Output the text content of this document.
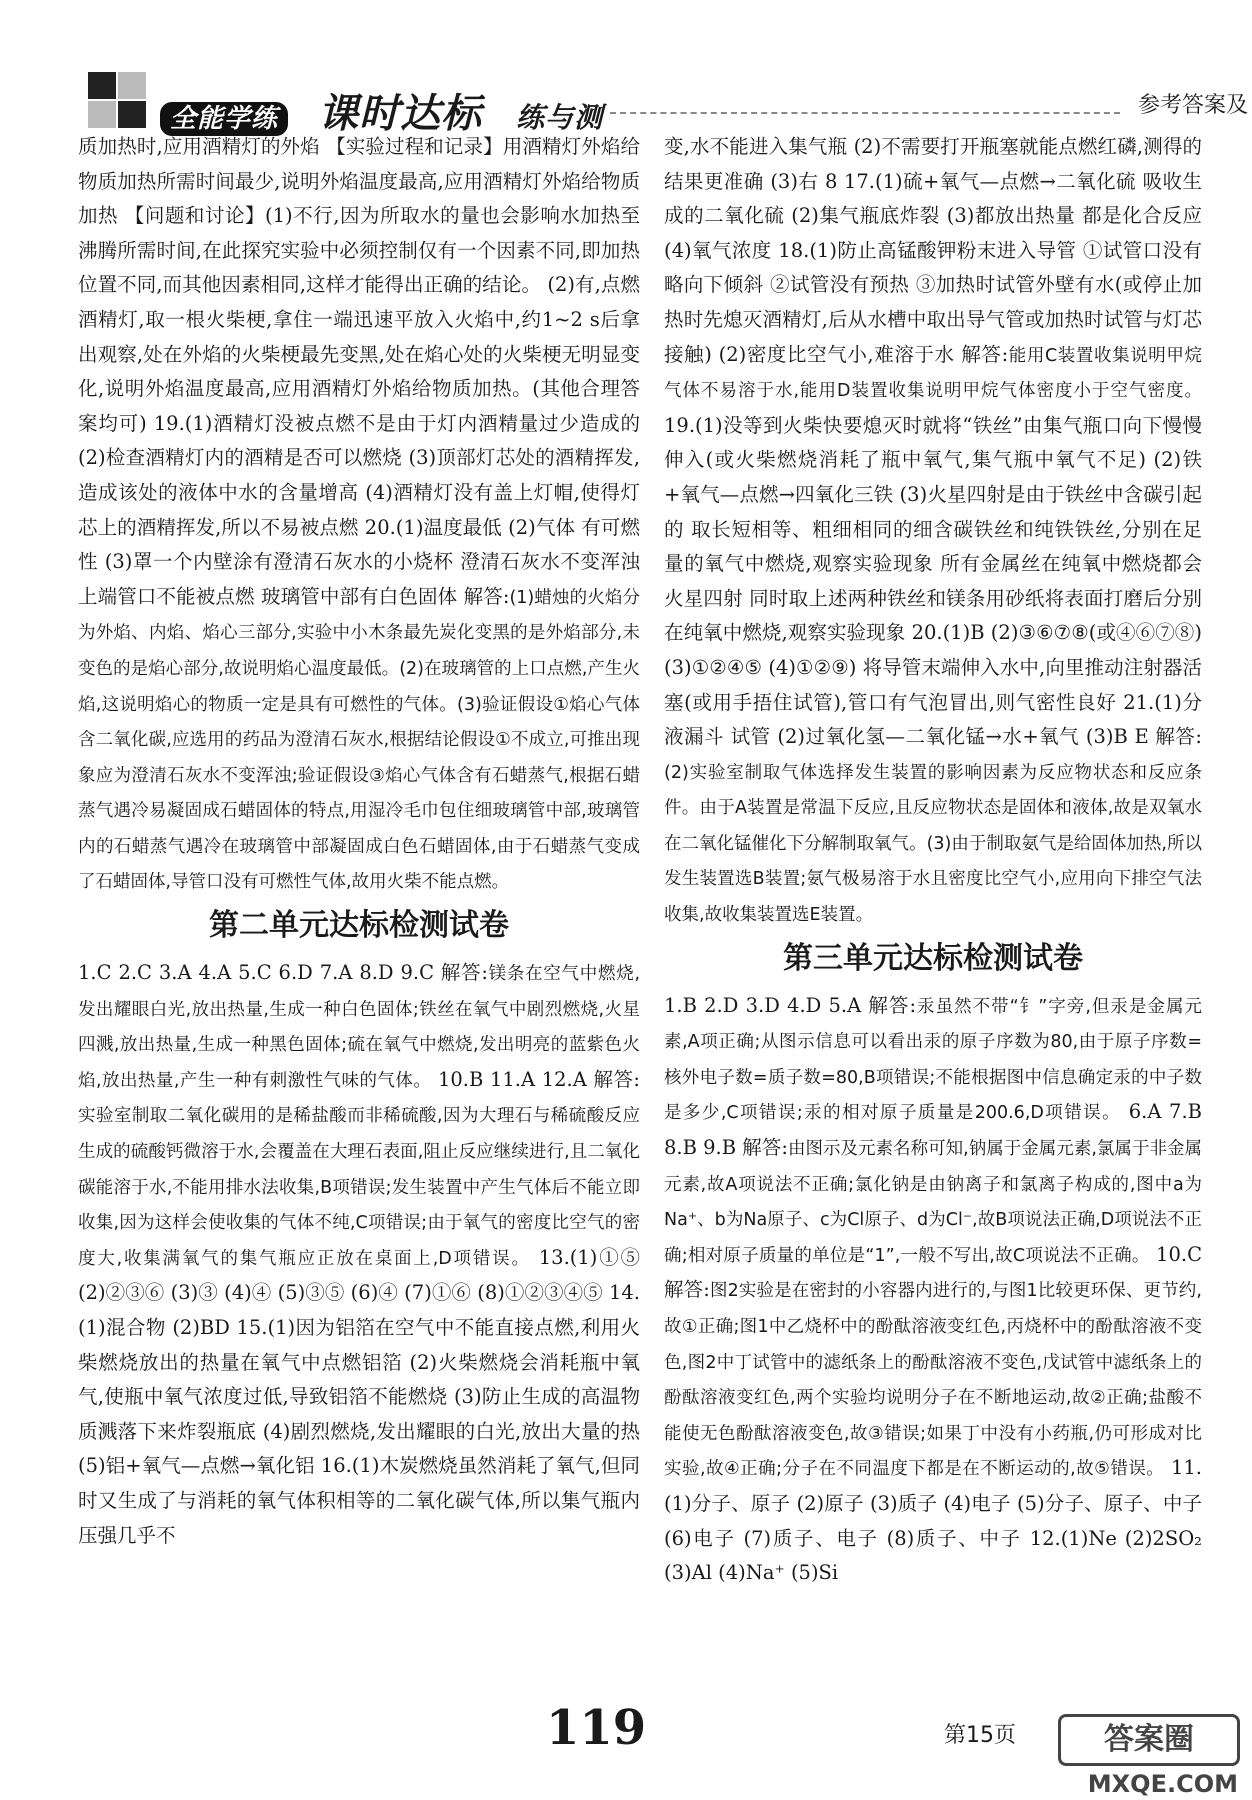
全能学练 课时达标 练与测	参考答案及

质加热时,应用酒精灯的外焰 【实验过程和记录】用酒精灯外焰给物质加热所需时间最少,说明外焰温度最高,应用酒精灯外焰给物质加热 【问题和讨论】(1)不行,因为所取水的量也会影响水加热至沸腾所需时间,在此探究实验中必须控制仅有一个因素不同,即加热位置不同,而其他因素相同,这样才能得出正确的结论。 (2)有,点燃酒精灯,取一根火柴梗,拿住一端迅速平放入火焰中,约1~2 s后拿出观察,处在外焰的火柴梗最先变黑,处在焰心处的火柴梗无明显变化,说明外焰温度最高,应用酒精灯外焰给物质加热。(其他合理答案均可) 19.(1)酒精灯没被点燃不是由于灯内酒精量过少造成的 (2)检查酒精灯内的酒精是否可以燃烧 (3)顶部灯芯处的酒精挥发,造成该处的液体中水的含量增高 (4)酒精灯没有盖上灯帽,使得灯芯上的酒精挥发,所以不易被点燃 20.(1)温度最低 (2)气体 有可燃性 (3)罩一个内壁涂有澄清石灰水的小烧杯 澄清石灰水不变浑浊 上端管口不能被点燃 玻璃管中部有白色固体 解答:(1)蜡烛的火焰分为外焰、内焰、焰心三部分,实验中小木条最先炭化变黑的是外焰部分,未变色的是焰心部分,故说明焰心温度最低。(2)在玻璃管的上口点燃,产生火焰,这说明焰心的物质一定是具有可燃性的气体。(3)验证假设①焰心气体含二氧化碳,应选用的药品为澄清石灰水,根据结论假设①不成立,可推出现象应为澄清石灰水不变浑浊;验证假设③焰心气体含有石蜡蒸气,根据石蜡蒸气遇冷易凝固成石蜡固体的特点,用湿冷毛巾包住细玻璃管中部,玻璃管内的石蜡蒸气遇冷在玻璃管中部凝固成白色石蜡固体,由于石蜡蒸气变成了石蜡固体,导管口没有可燃性气体,故用火柴不能点燃。

第二单元达标检测试卷

1.C 2.C 3.A 4.A 5.C 6.D 7.A 8.D 9.C 解答:镁条在空气中燃烧,发出耀眼白光,放出热量,生成一种白色固体;铁丝在氧气中剧烈燃烧,火星四溅,放出热量,生成一种黑色固体;硫在氧气中燃烧,发出明亮的蓝紫色火焰,放出热量,产生一种有刺激性气味的气体。 10.B 11.A 12.A 解答:实验室制取二氧化碳用的是稀盐酸而非稀硫酸,因为大理石与稀硫酸反应生成的硫酸钙微溶于水,会覆盖在大理石表面,阻止反应继续进行,且二氧化碳能溶于水,不能用排水法收集,B项错误;发生装置中产生气体后不能立即收集,因为这样会使收集的气体不纯,C项错误;由于氧气的密度比空气的密度大,收集满氧气的集气瓶应正放在桌面上,D项错误。 13.(1)①⑤ (2)②③⑥ (3)③ (4)④ (5)③⑤ (6)④ (7)①⑥ (8)①②③④⑤ 14.(1)混合物 (2)BD 15.(1)因为铝箔在空气中不能直接点燃,利用火柴燃烧放出的热量在氧气中点燃铝箔 (2)火柴燃烧会消耗瓶中氧气,使瓶中氧气浓度过低,导致铝箔不能燃烧 (3)防止生成的高温物质溅落下来炸裂瓶底 (4)剧烈燃烧,发出耀眼的白光,放出大量的热 (5)铝+氧气—点燃→氧化铝 16.(1)木炭燃烧虽然消耗了氧气,但同时又生成了与消耗的氧气体积相等的二氧化碳气体,所以集气瓶内压强几乎不

变,水不能进入集气瓶 (2)不需要打开瓶塞就能点燃红磷,测得的结果更准确 (3)右 8 17.(1)硫+氧气—点燃→二氧化硫 吸收生成的二氧化硫 (2)集气瓶底炸裂 (3)都放出热量 都是化合反应 (4)氧气浓度 18.(1)防止高锰酸钾粉末进入导管 ①试管口没有略向下倾斜 ②试管没有预热 ③加热时试管外壁有水(或停止加热时先熄灭酒精灯,后从水槽中取出导气管或加热时试管与灯芯接触) (2)密度比空气小,难溶于水 解答:能用C装置收集说明甲烷气体不易溶于水,能用D装置收集说明甲烷气体密度小于空气密度。 19.(1)没等到火柴快要熄灭时就将“铁丝”由集气瓶口向下慢慢伸入(或火柴燃烧消耗了瓶中氧气,集气瓶中氧气不足) (2)铁+氧气—点燃→四氧化三铁 (3)火星四射是由于铁丝中含碳引起的 取长短相等、粗细相同的细含碳铁丝和纯铁铁丝,分别在足量的氧气中燃烧,观察实验现象 所有金属丝在纯氧中燃烧都会火星四射 同时取上述两种铁丝和镁条用砂纸将表面打磨后分别在纯氧中燃烧,观察实验现象 20.(1)B (2)③⑥⑦⑧(或④⑥⑦⑧) (3)①②④⑤ (4)①②⑨) 将导管末端伸入水中,向里推动注射器活塞(或用手捂住试管),管口有气泡冒出,则气密性良好 21.(1)分液漏斗 试管 (2)过氧化氢—二氧化锰→水+氧气 (3)B E 解答:(2)实验室制取气体选择发生装置的影响因素为反应物状态和反应条件。由于A装置是常温下反应,且反应物状态是固体和液体,故是双氧水在二氧化锰催化下分解制取氧气。(3)由于制取氨气是给固体加热,所以发生装置选B装置;氨气极易溶于水且密度比空气小,应用向下排空气法收集,故收集装置选E装置。

第三单元达标检测试卷

1.B 2.D 3.D 4.D 5.A 解答:汞虽然不带“钅”字旁,但汞是金属元素,A项正确;从图示信息可以看出汞的原子序数为80,由于原子序数=核外电子数=质子数=80,B项错误;不能根据图中信息确定汞的中子数是多少,C项错误;汞的相对原子质量是200.6,D项错误。 6.A 7.B 8.B 9.B 解答:由图示及元素名称可知,钠属于金属元素,氯属于非金属元素,故A项说法不正确;氯化钠是由钠离子和氯离子构成的,图中a为Na⁺、b为Na原子、c为Cl原子、d为Cl⁻,故B项说法正确,D项说法不正确;相对原子质量的单位是“1”,一般不写出,故C项说法不正确。 10.C 解答:图2实验是在密封的小容器内进行的,与图1比较更环保、更节约,故①正确;图1中乙烧杯中的酚酞溶液变红色,丙烧杯中的酚酞溶液不变色,图2中丁试管中的滤纸条上的酚酞溶液不变色,戊试管中滤纸条上的酚酞溶液变红色,两个实验均说明分子在不断地运动,故②正确;盐酸不能使无色酚酞溶液变色,故③错误;如果丁中没有小药瓶,仍可形成对比实验,故④正确;分子在不同温度下都是在不断运动的,故⑤错误。 11.(1)分子、原子 (2)原子 (3)质子 (4)电子 (5)分子、原子、中子 (6)电子 (7)质子、电子 (8)质子、中子 12.(1)Ne (2)2SO₂ (3)Al (4)Na⁺ (5)Si

119	第15页	答案圈
MXQE.COM
